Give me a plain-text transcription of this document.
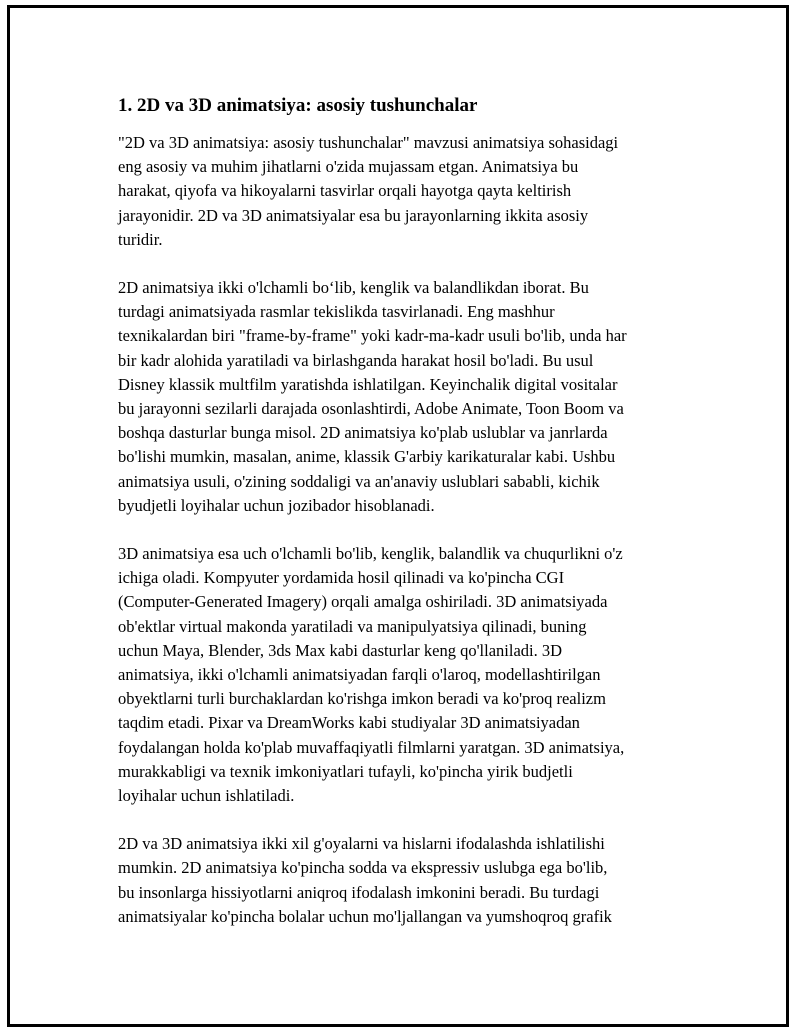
1. 2D va 3D animatsiya: asosiy tushunchalar

"2D va 3D animatsiya: asosiy tushunchalar" mavzusi animatsiya sohasidagi
eng asosiy va muhim jihatlarni o'zida mujassam etgan. Animatsiya bu
harakat, qiyofa va hikoyalarni tasvirlar orqali hayotga qayta keltirish
jarayonidir. 2D va 3D animatsiyalar esa bu jarayonlarning ikkita asosiy
turidir.

2D animatsiya ikki o'lchamli bo‘lib, kenglik va balandlikdan iborat. Bu
turdagi animatsiyada rasmlar tekislikda tasvirlanadi. Eng mashhur
texnikalardan biri "frame-by-frame" yoki kadr-ma-kadr usuli bo'lib, unda har
bir kadr alohida yaratiladi va birlashganda harakat hosil bo'ladi. Bu usul
Disney klassik multfilm yaratishda ishlatilgan. Keyinchalik digital vositalar
bu jarayonni sezilarli darajada osonlashtirdi, Adobe Animate, Toon Boom va
boshqa dasturlar bunga misol. 2D animatsiya ko'plab uslublar va janrlarda
bo'lishi mumkin, masalan, anime, klassik G'arbiy karikaturalar kabi. Ushbu
animatsiya usuli, o'zining soddaligi va an'anaviy uslublari sababli, kichik
byudjetli loyihalar uchun jozibador hisoblanadi.

3D animatsiya esa uch o'lchamli bo'lib, kenglik, balandlik va chuqurlikni o'z
ichiga oladi. Kompyuter yordamida hosil qilinadi va ko'pincha CGI
(Computer-Generated Imagery) orqali amalga oshiriladi. 3D animatsiyada
ob'ektlar virtual makonda yaratiladi va manipulyatsiya qilinadi, buning
uchun Maya, Blender, 3ds Max kabi dasturlar keng qo'llaniladi. 3D
animatsiya, ikki o'lchamli animatsiyadan farqli o'laroq, modellashtirilgan
obyektlarni turli burchaklardan ko'rishga imkon beradi va ko'proq realizm
taqdim etadi. Pixar va DreamWorks kabi studiyalar 3D animatsiyadan
foydalangan holda ko'plab muvaffaqiyatli filmlarni yaratgan. 3D animatsiya,
murakkabligi va texnik imkoniyatlari tufayli, ko'pincha yirik budjetli
loyihalar uchun ishlatiladi.

2D va 3D animatsiya ikki xil g'oyalarni va hislarni ifodalashda ishlatilishi
mumkin. 2D animatsiya ko'pincha sodda va ekspressiv uslubga ega bo'lib,
bu insonlarga hissiyotlarni aniqroq ifodalash imkonini beradi. Bu turdagi
animatsiyalar ko'pincha bolalar uchun mo'ljallangan va yumshoqroq grafik
